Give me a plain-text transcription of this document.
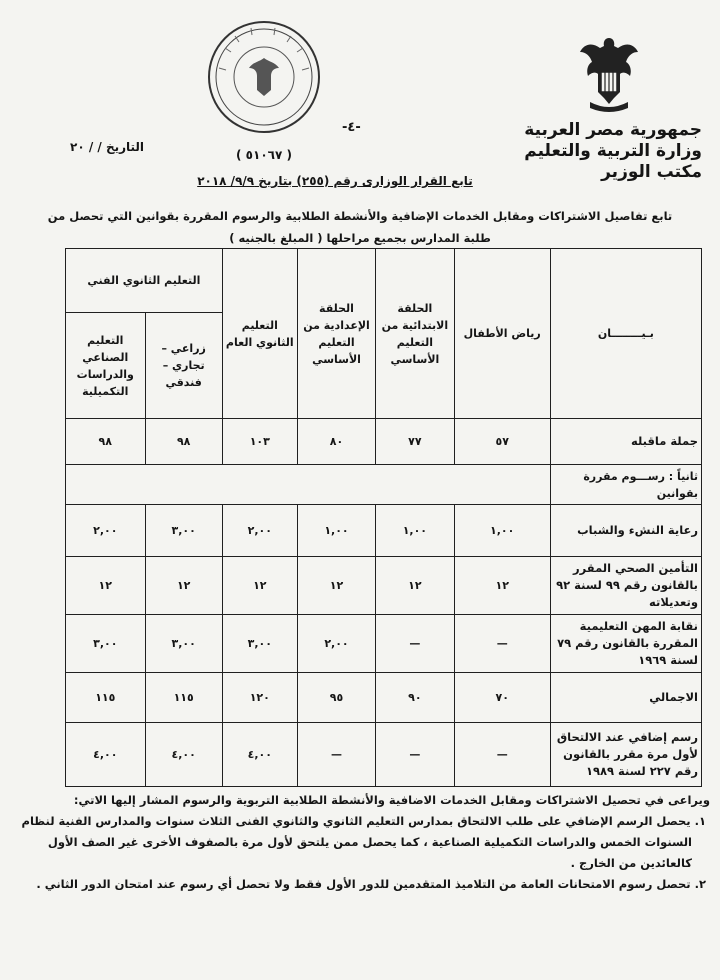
جمهورية مصر العربية
وزارة التربية والتعليم
مكتب الوزير
-٤-
التاريخ / / ٢٠
( ٥١٠٦٧ )
تابع القرار الوزارى رقم (٢٥٥) بتاريخ ٩/٩/ ٢٠١٨
تابع تفاصيل الاشتراكات ومقابل الخدمات الإضافية والأنشطة الطلابية والرسوم المقررة بقوانين التي تحصل من
طلبة المدارس بجميع مراحلها ( المبلغ بالجنيه )
بـيــــــــان	رياض الأطفال	الحلقة الابتدائية من التعليم الأساسي	الحلقة الإعدادية من التعليم الأساسي	التعليم الثانوي العام	التعليم الثانوي الفني	
					زراعي – تجاري – فندقي	التعليم الصناعي والدراسات التكميلية
جملة ماقبله	٥٧	٧٧	٨٠	١٠٣	٩٨	٩٨
ثانياً : رســـوم مقررة بقوانين						
رعاية النشء والشباب	١,٠٠	١,٠٠	١,٠٠	٢,٠٠	٣,٠٠	٢,٠٠
التأمين الصحي المقرر بالقانون رقم ٩٩ لسنة ٩٢ وتعديلاته	١٢	١٢	١٢	١٢	١٢	١٢
نقابة المهن التعليمية المقررة بالقانون رقم ٧٩ لسنة ١٩٦٩	—	—	٢,٠٠	٣,٠٠	٣,٠٠	٣,٠٠
الاجمالي	٧٠	٩٠	٩٥	١٢٠	١١٥	١١٥
رسم إضافي عند الالتحاق لأول مرة مقرر بالقانون رقم ٢٢٧ لسنة ١٩٨٩	—	—	—	٤,٠٠	٤,٠٠	٤,٠٠

ويراعى في تحصيل الاشتراكات ومقابل الخدمات الاضافية والأنشطة الطلابية التربوية والرسوم المشار إليها الاتي:

١. يحصل الرسم الإضافي على طلب الالتحاق بمدارس التعليم الثانوي والثانوي الفنى الثلاث سنوات والمدارس الفنية لنظام السنوات الخمس والدراسات التكميلية الصناعية ، كما يحصل ممن يلتحق لأول مرة بالصفوف الأخرى غير الصف الأول كالعائدين من الخارج .

٢. تحصل رسوم الامتحانات العامة من التلاميذ المتقدمين للدور الأول فقط ولا تحصل أي رسوم عند امتحان الدور الثاني .
